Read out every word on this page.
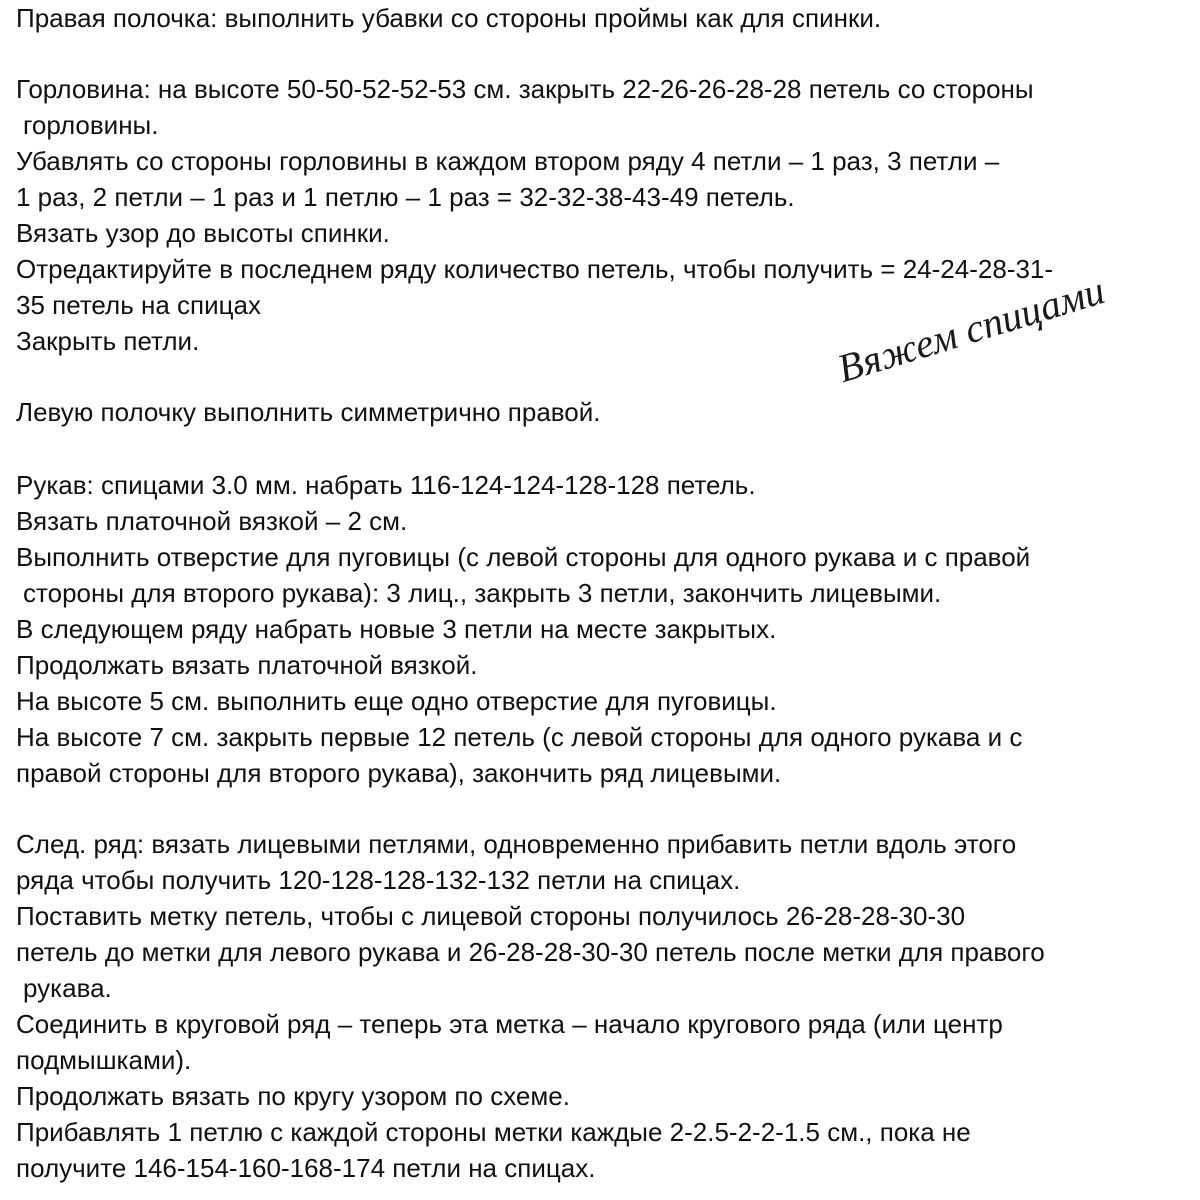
Правая полочка: выполнить убавки со стороны проймы как для спинки.
Горловина: на высоте 50-50-52-52-53 см. закрыть 22-26-26-28-28 петель со стороны
горловины.
Убавлять со стороны горловины в каждом втором ряду 4 петли – 1 раз, 3 петли –
1 раз, 2 петли – 1 раз и 1 петлю – 1 раз = 32-32-38-43-49 петель.
Вязать узор до высоты спинки.
Отредактируйте в последнем ряду количество петель, чтобы получить = 24-24-28-31-
35 петель на спицах
Закрыть петли.
Левую полочку выполнить симметрично правой.
Вяжем спицами
Рукав: спицами 3.0 мм. набрать 116-124-124-128-128 петель.
Вязать платочной вязкой – 2 см.
Выполнить отверстие для пуговицы (с левой стороны для одного рукава и с правой
стороны для второго рукава): 3 лиц., закрыть 3 петли, закончить лицевыми.
В следующем ряду набрать новые 3 петли на месте закрытых.
Продолжать вязать платочной вязкой.
На высоте 5 см. выполнить еще одно отверстие для пуговицы.
На высоте 7 см. закрыть первые 12 петель (с левой стороны для одного рукава и с
правой стороны для второго рукава), закончить ряд лицевыми.
След. ряд: вязать лицевыми петлями, одновременно прибавить петли вдоль этого
ряда чтобы получить 120-128-128-132-132 петли на спицах.
Поставить метку петель, чтобы с лицевой стороны получилось 26-28-28-30-30
петель до метки для левого рукава и 26-28-28-30-30 петель после метки для правого
рукава.
Соединить в круговой ряд – теперь эта метка – начало кругового ряда (или центр
подмышками).
Продолжать вязать по кругу узором по схеме.
Прибавлять 1 петлю с каждой стороны метки каждые 2-2.5-2-2-1.5 см., пока не
получите 146-154-160-168-174 петли на спицах.
